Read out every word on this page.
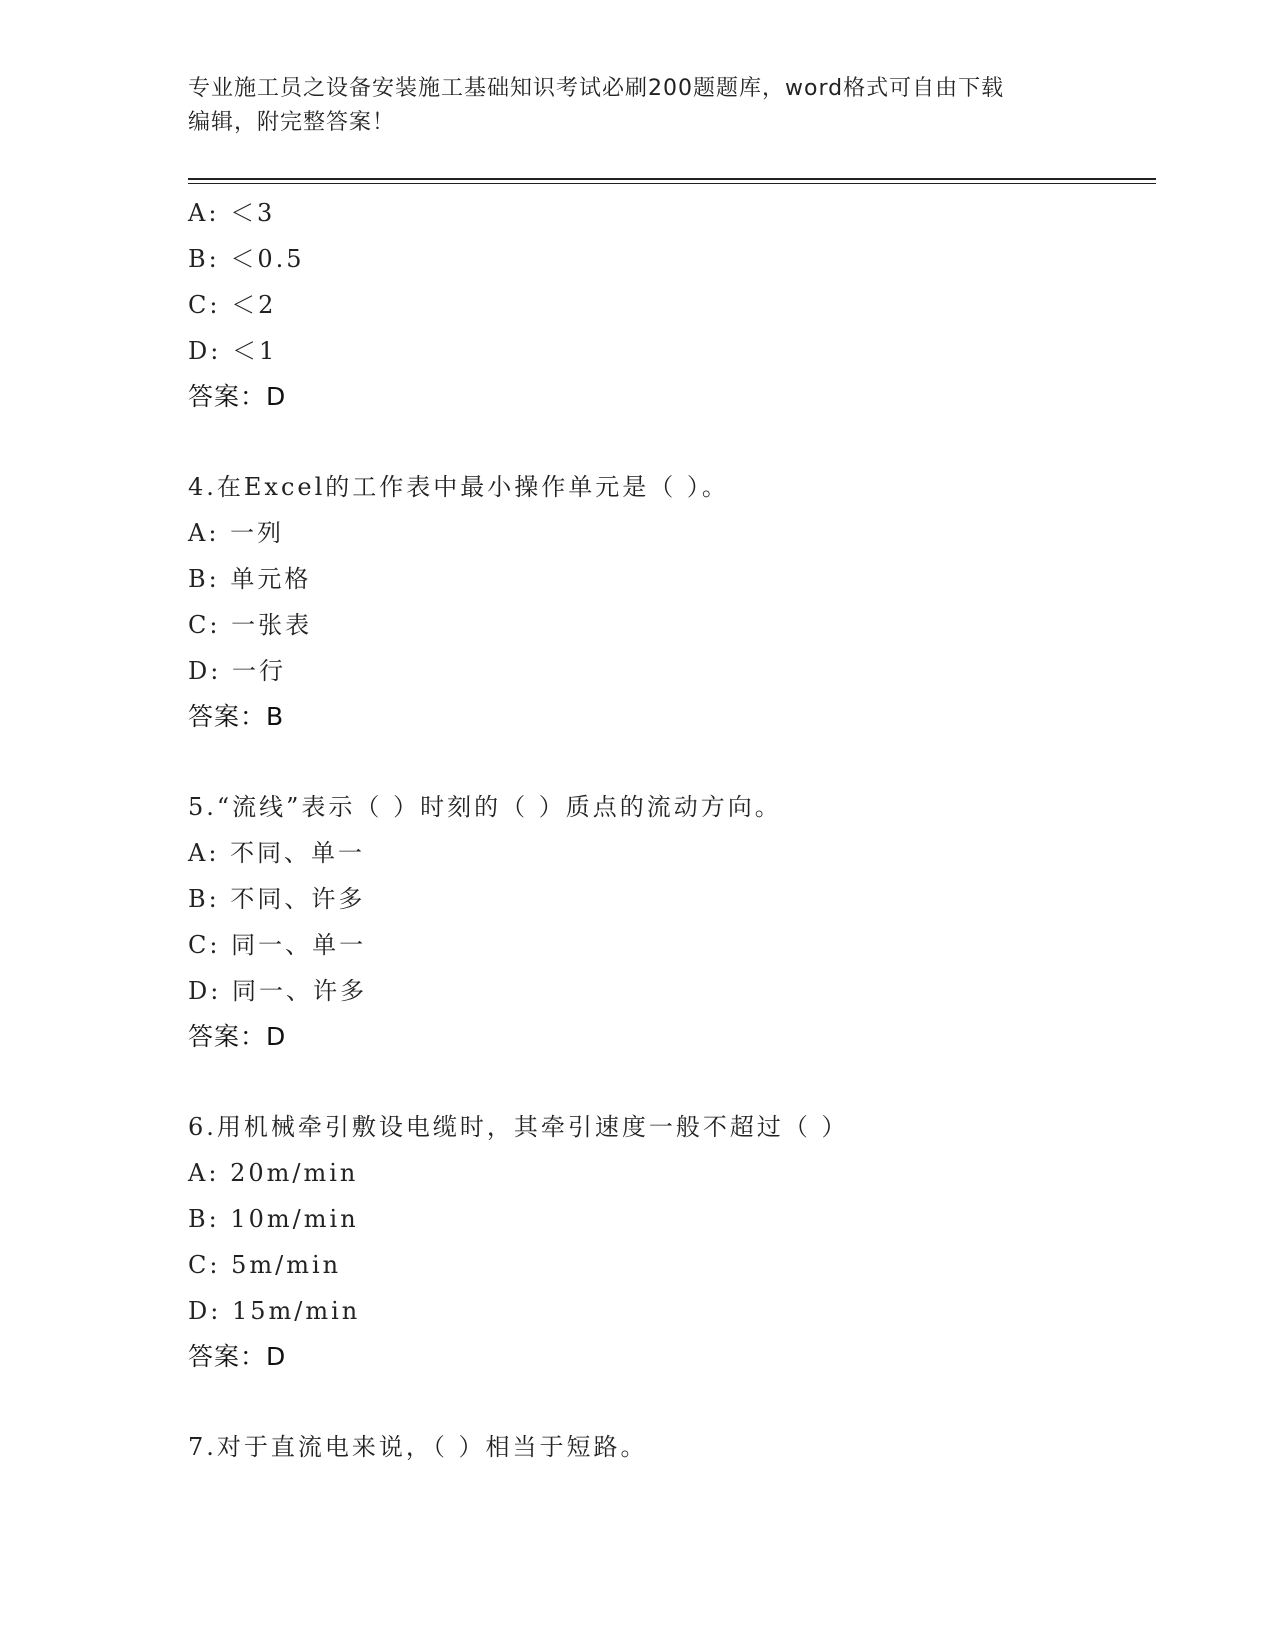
专业施工员之设备安装施工基础知识考试必刷200题题库，word格式可自由下载
编辑，附完整答案！
A: ＜3
B: ＜0.5
C: ＜2
D: ＜1
答案：D
4.在Excel的工作表中最小操作单元是（ ）。
A: 一列
B: 单元格
C: 一张表
D: 一行
答案：B
5.“流线”表示（ ）时刻的（ ）质点的流动方向。
A: 不同、单一
B: 不同、许多
C: 同一、单一
D: 同一、许多
答案：D
6.用机械牵引敷设电缆时，其牵引速度一般不超过（ ）
A: 20m/min
B: 10m/min
C: 5m/min
D: 15m/min
答案：D
7.对于直流电来说，（ ）相当于短路。
